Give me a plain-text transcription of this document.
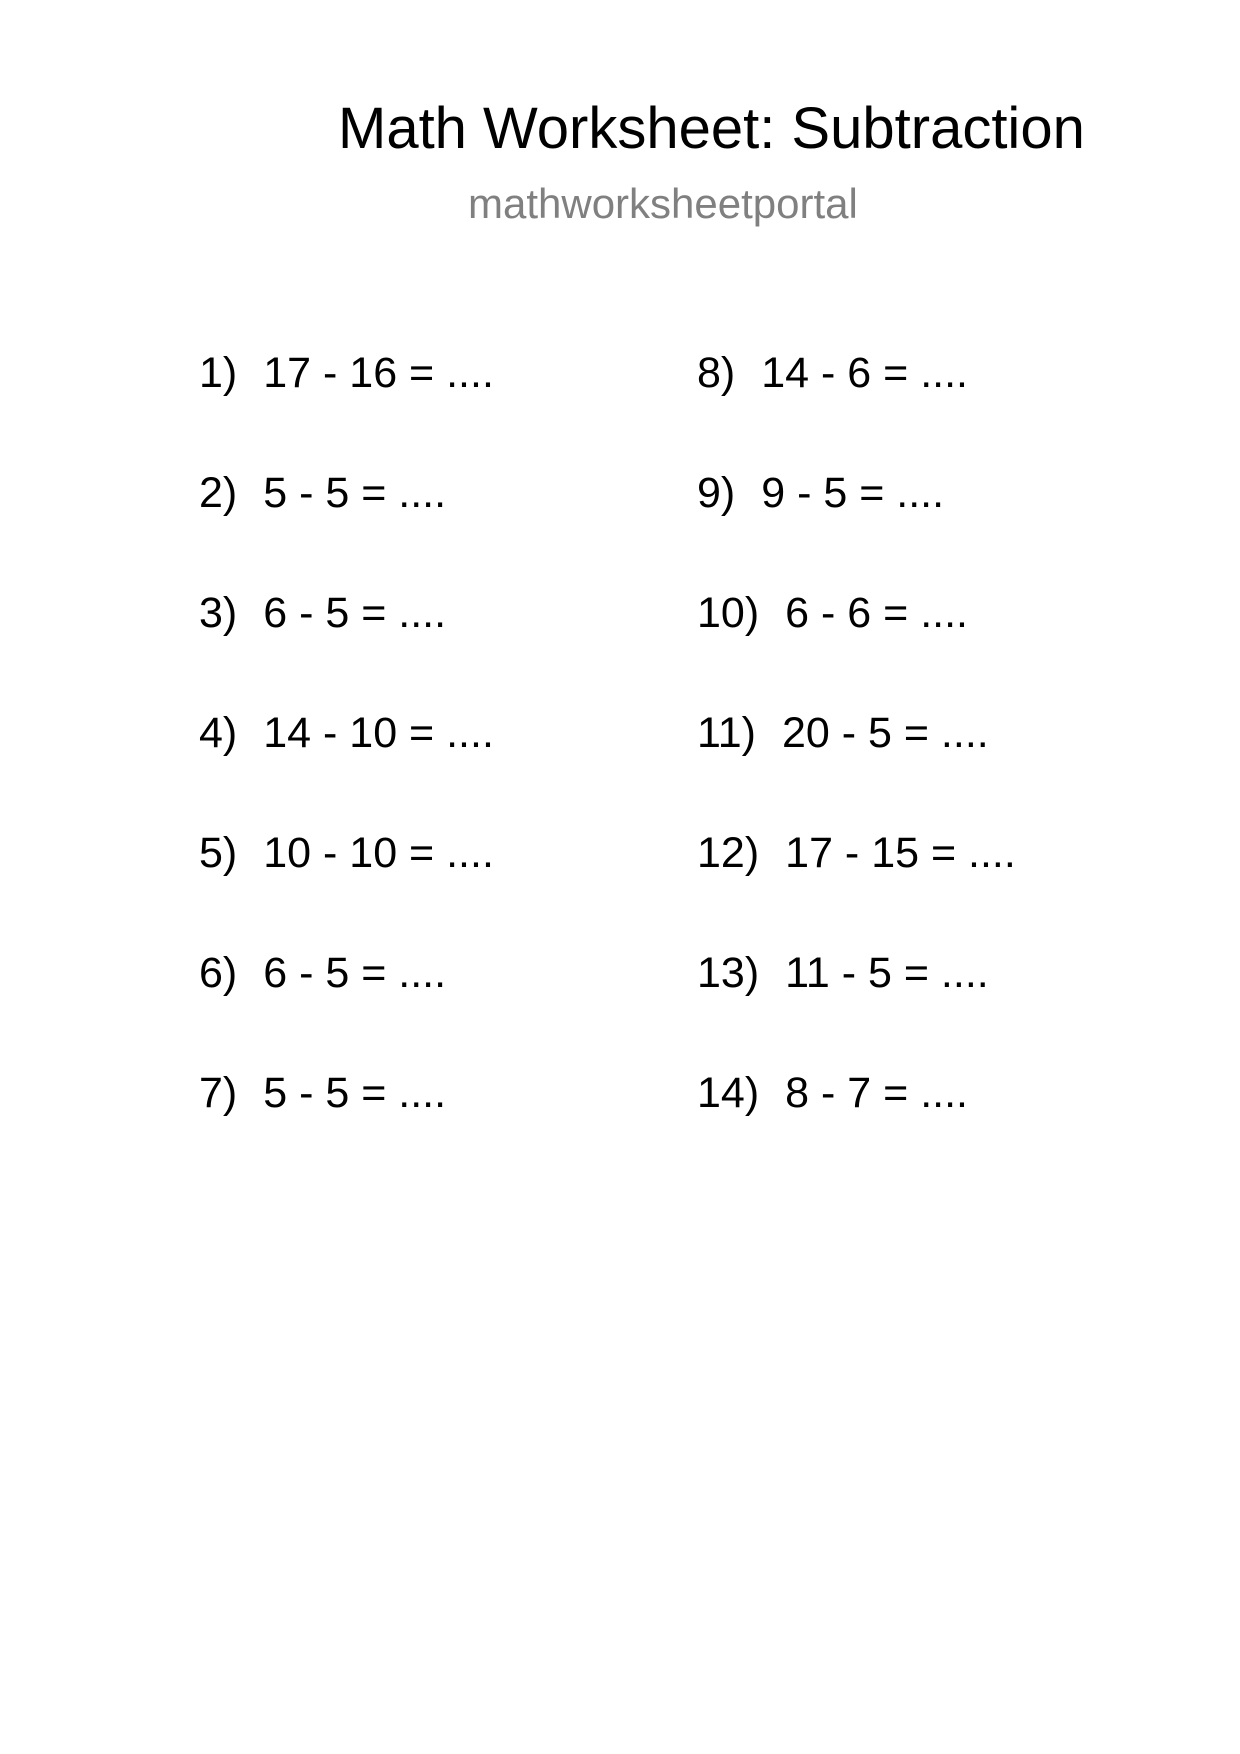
Math Worksheet: Subtraction
mathworksheetportal
1) 17 - 16 = ....
2) 5 - 5 = ....
3) 6 - 5 = ....
4) 14 - 10 = ....
5) 10 - 10 = ....
6) 6 - 5 = ....
7) 5 - 5 = ....
8) 14 - 6 = ....
9) 9 - 5 = ....
10) 6 - 6 = ....
11) 20 - 5 = ....
12) 17 - 15 = ....
13) 11 - 5 = ....
14) 8 - 7 = ....
